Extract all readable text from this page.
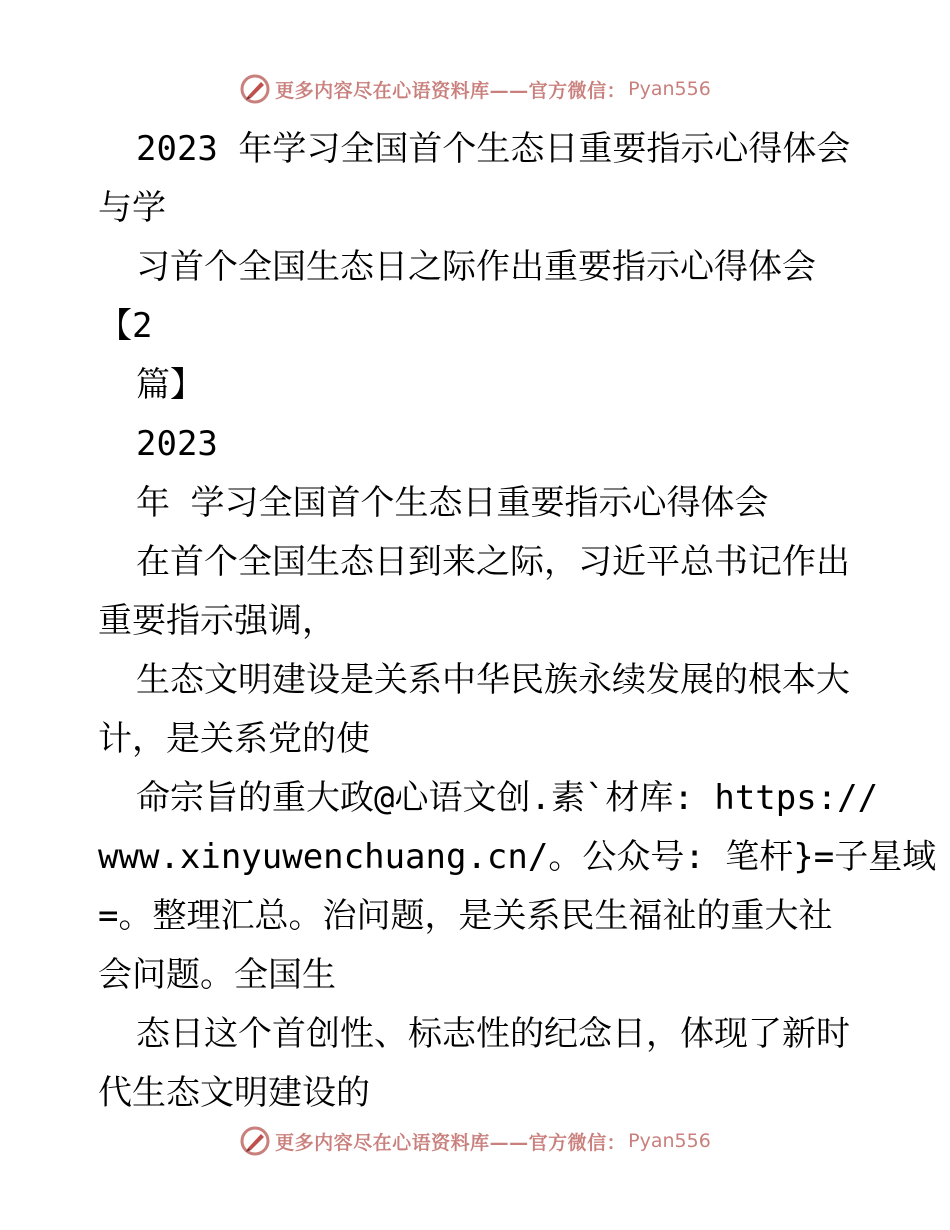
更多内容尽在心语资料库——官方微信： Pyan556
2023 年学习全国首个生态日重要指示心得体会
与学
习首个全国生态日之际作出重要指示心得体会
【2
篇】
2023
年 学习全国首个生态日重要指示心得体会
在首个全国生态日到来之际，习近平总书记作出
重要指示强调，
生态文明建设是关系中华民族永续发展的根本大
计，是关系党的使
命宗旨的重大政@心语文创.素`材库: https://
www.xinyuwenchuang.cn/。公众号: 笔杆}=子星域
=。整理汇总。治问题，是关系民生福祉的重大社
会问题。全国生
态日这个首创性、标志性的纪念日，体现了新时
代生态文明建设的
更多内容尽在心语资料库——官方微信： Pyan556
